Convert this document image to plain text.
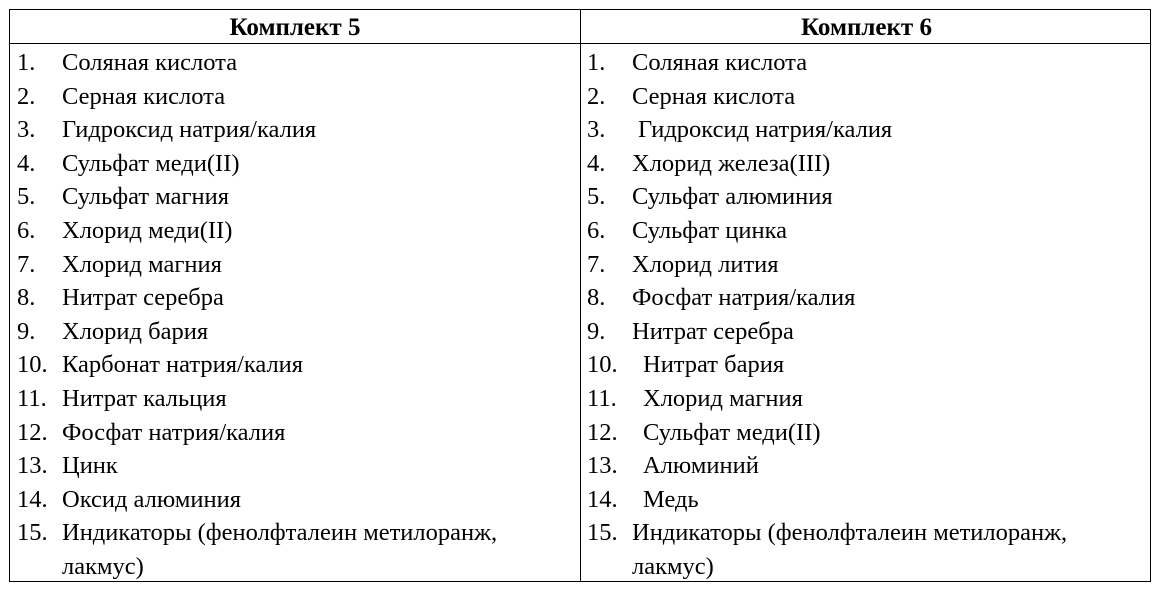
Комплект 5	Комплект 6
1. Соляная кислота
2. Серная кислота
3. Гидроксид натрия/калия
4. Сульфат меди(II)
5. Сульфат магния
6. Хлорид меди(II)
7. Хлорид магния
8. Нитрат серебра
9. Хлорид бария
10. Карбонат натрия/калия
11. Нитрат кальция
12. Фосфат натрия/калия
13. Цинк
14. Оксид алюминия
15. Индикаторы (фенолфталеин метилоранж, лакмус)
1. Соляная кислота
2. Серная кислота
3. Гидроксид натрия/калия
4. Хлорид железа(III)
5. Сульфат алюминия
6. Сульфат цинка
7. Хлорид лития
8. Фосфат натрия/калия
9. Нитрат серебра
10. Нитрат бария
11. Хлорид магния
12. Сульфат меди(II)
13. Алюминий
14. Медь
15. Индикаторы (фенолфталеин метилоранж, лакмус)
